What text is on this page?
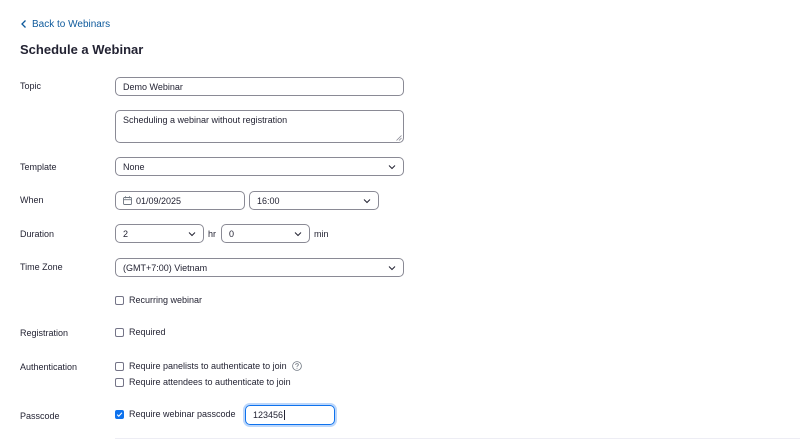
Back to Webinars
Schedule a Webinar
Topic	Demo Webinar
Scheduling a webinar without registration
Template	None
When	01/09/2025	16:00
Duration	2	hr 0	min
Time Zone	(GMT+7:00) Vietnam
Recurring webinar
Registration	Required
Authentication	Require panelists to authenticate to join
Require attendees to authenticate to join
Passcode	Require webinar passcode 123456
